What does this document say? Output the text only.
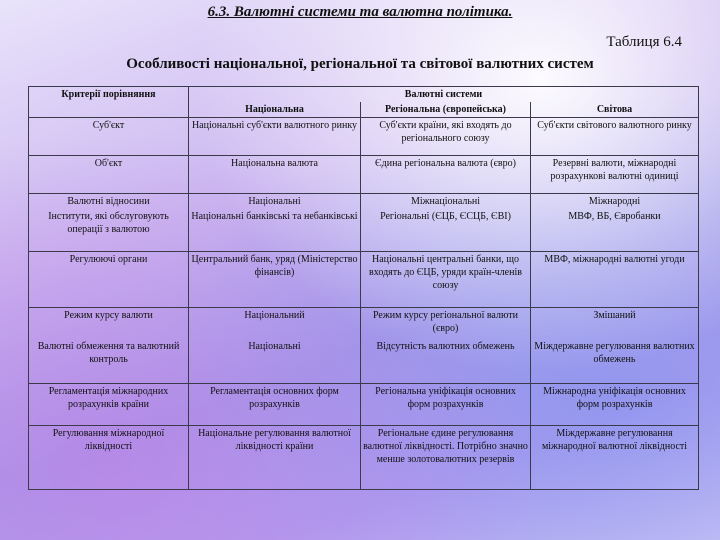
6.3. Валютні системи та валютна політика.
Таблиця 6.4
Особливості національної, регіональної та світової валютних систем
Критерії порівняння	Валютні системи		
	Національна	Регіональна (європейська)	Світова
Суб'єкт	Національні суб'єкти валютного ринку	Суб'єкти країни, які входять до регіонального союзу	Суб'єкти світового валютного ринку
Об'єкт	Національна валюта	Єдина регіональна валюта (євро)	Резервні валюти, міжнародні розрахункові валютні одиниці
Валютні відносини	Національні	Міжнаціональні	Міжнародні
Інститути, які обслуговують операції з валютою	Національні банківські та небанківські	Регіональні (ЄЦБ, ЄСЦБ, ЄВІ)	МВФ, ВБ, Євробанки
Регулюючі органи	Центральний банк, уряд (Міністерство фінансів)	Національні центральні банки, що входять до ЄЦБ, уряди країн-членів союзу	МВФ, міжнародні валютні угоди
Режим курсу валюти	Національний	Режим курсу регіональної валюти (євро)	Змішаний
Валютні обмеження та валютний контроль	Національні	Відсутність валютних обмежень	Міждержавне регулювання валютних обмежень
Регламентація міжнародних розрахунків країни	Регламентація основних форм розрахунків	Регіональна уніфікація основних форм розрахунків	Міжнародна уніфікація основних форм розрахунків
Регулювання міжнародної ліквідності	Національне регулювання валютної ліквідності країни	Регіональне єдине регулювання валютної ліквідності. Потрібно значно менше золотовалютних резервів	Міждержавне регулювання міжнародної валютної ліквідності
